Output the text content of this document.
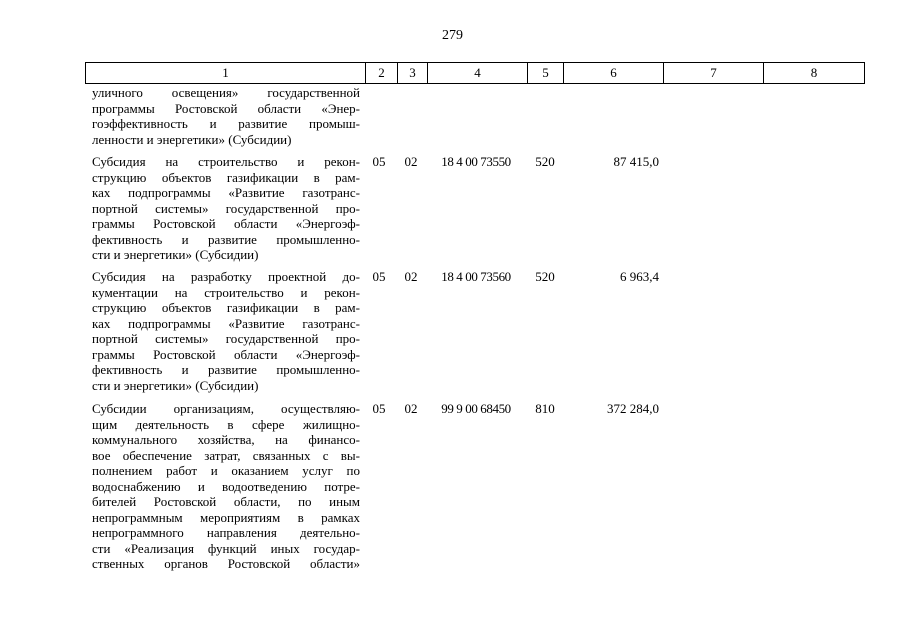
279
1	2	3	4	5	6	7	8
уличного освещения» государственной
программы Ростовской области «Энер-
гоэффективность и развитие промыш-
ленности и энергетики» (Субсидии)
Субсидия на строительство и рекон-
струкцию объектов газификации в рам-
ках подпрограммы «Развитие газотранс-
портной системы» государственной про-
граммы Ростовской области «Энергоэф-
фективность и развитие промышленно-
сти и энергетики» (Субсидии)
05	02	18 4 00 73550	520	87 415,0
Субсидия на разработку проектной до-
кументации на строительство и рекон-
струкцию объектов газификации в рам-
ках подпрограммы «Развитие газотранс-
портной системы» государственной про-
граммы Ростовской области «Энергоэф-
фективность и развитие промышленно-
сти и энергетики» (Субсидии)
05	02	18 4 00 73560	520	6 963,4
Субсидии организациям, осуществляю-
щим деятельность в сфере жилищно-
коммунального хозяйства, на финансо-
вое обеспечение затрат, связанных с вы-
полнением работ и оказанием услуг по
водоснабжению и водоотведению потре-
бителей Ростовской области, по иным
непрограммным мероприятиям в рамках
непрограммного направления деятельно-
сти «Реализация функций иных государ-
ственных органов Ростовской области»
05	02	99 9 00 68450	810	372 284,0
